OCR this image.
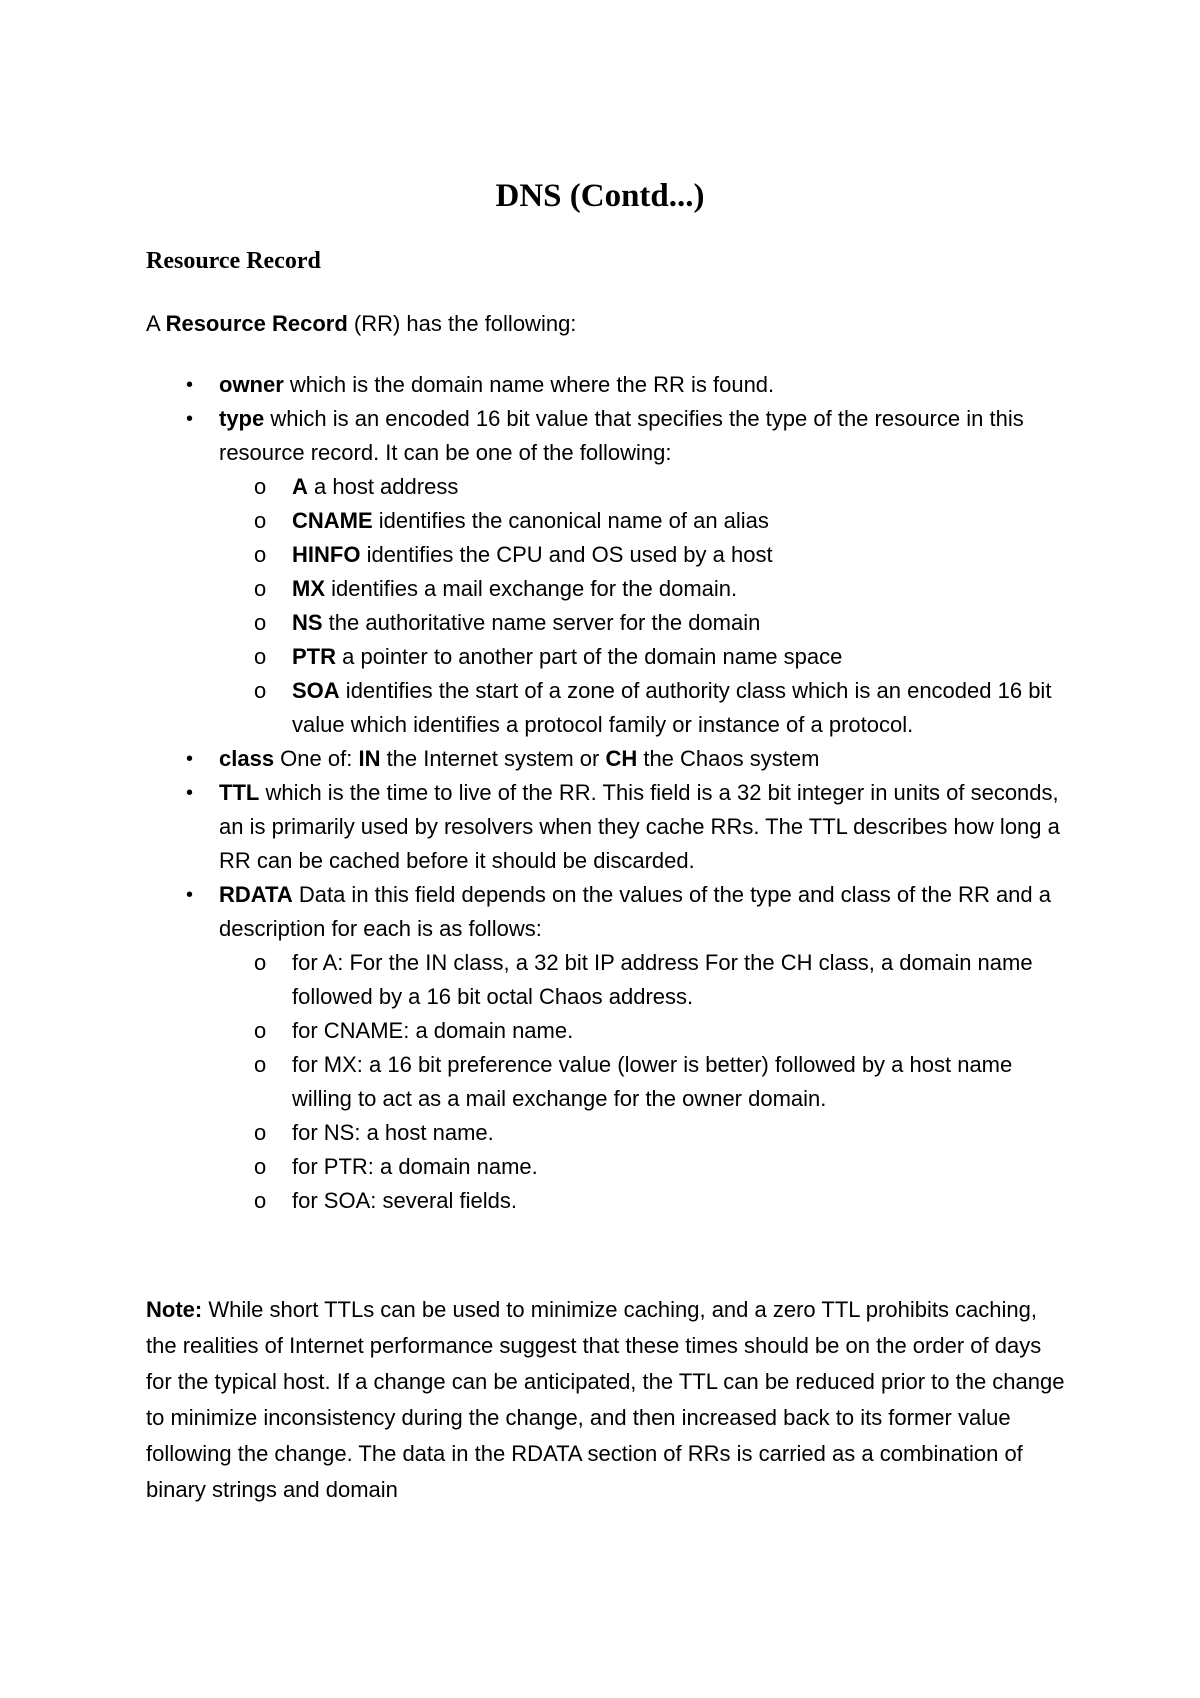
DNS (Contd...)
Resource Record

A Resource Record (RR) has the following:

• owner which is the domain name where the RR is found.
• type which is an encoded 16 bit value that specifies the type of the resource in this resource record. It can be one of the following:
o A a host address
o CNAME identifies the canonical name of an alias
o HINFO identifies the CPU and OS used by a host
o MX identifies a mail exchange for the domain.
o NS the authoritative name server for the domain
o PTR a pointer to another part of the domain name space
o SOA identifies the start of a zone of authority class which is an encoded 16 bit value which identifies a protocol family or instance of a protocol.
• class One of: IN the Internet system or CH the Chaos system
• TTL which is the time to live of the RR. This field is a 32 bit integer in units of seconds, an is primarily used by resolvers when they cache RRs. The TTL describes how long a RR can be cached before it should be discarded.
• RDATA Data in this field depends on the values of the type and class of the RR and a description for each is as follows:
o for A: For the IN class, a 32 bit IP address For the CH class, a domain name followed by a 16 bit octal Chaos address.
o for CNAME: a domain name.
o for MX: a 16 bit preference value (lower is better) followed by a host name willing to act as a mail exchange for the owner domain.
o for NS: a host name.
o for PTR: a domain name.
o for SOA: several fields.

Note: While short TTLs can be used to minimize caching, and a zero TTL prohibits caching, the realities of Internet performance suggest that these times should be on the order of days for the typical host. If a change can be anticipated, the TTL can be reduced prior to the change to minimize inconsistency during the change, and then increased back to its former value following the change. The data in the RDATA section of RRs is carried as a combination of binary strings and domain
